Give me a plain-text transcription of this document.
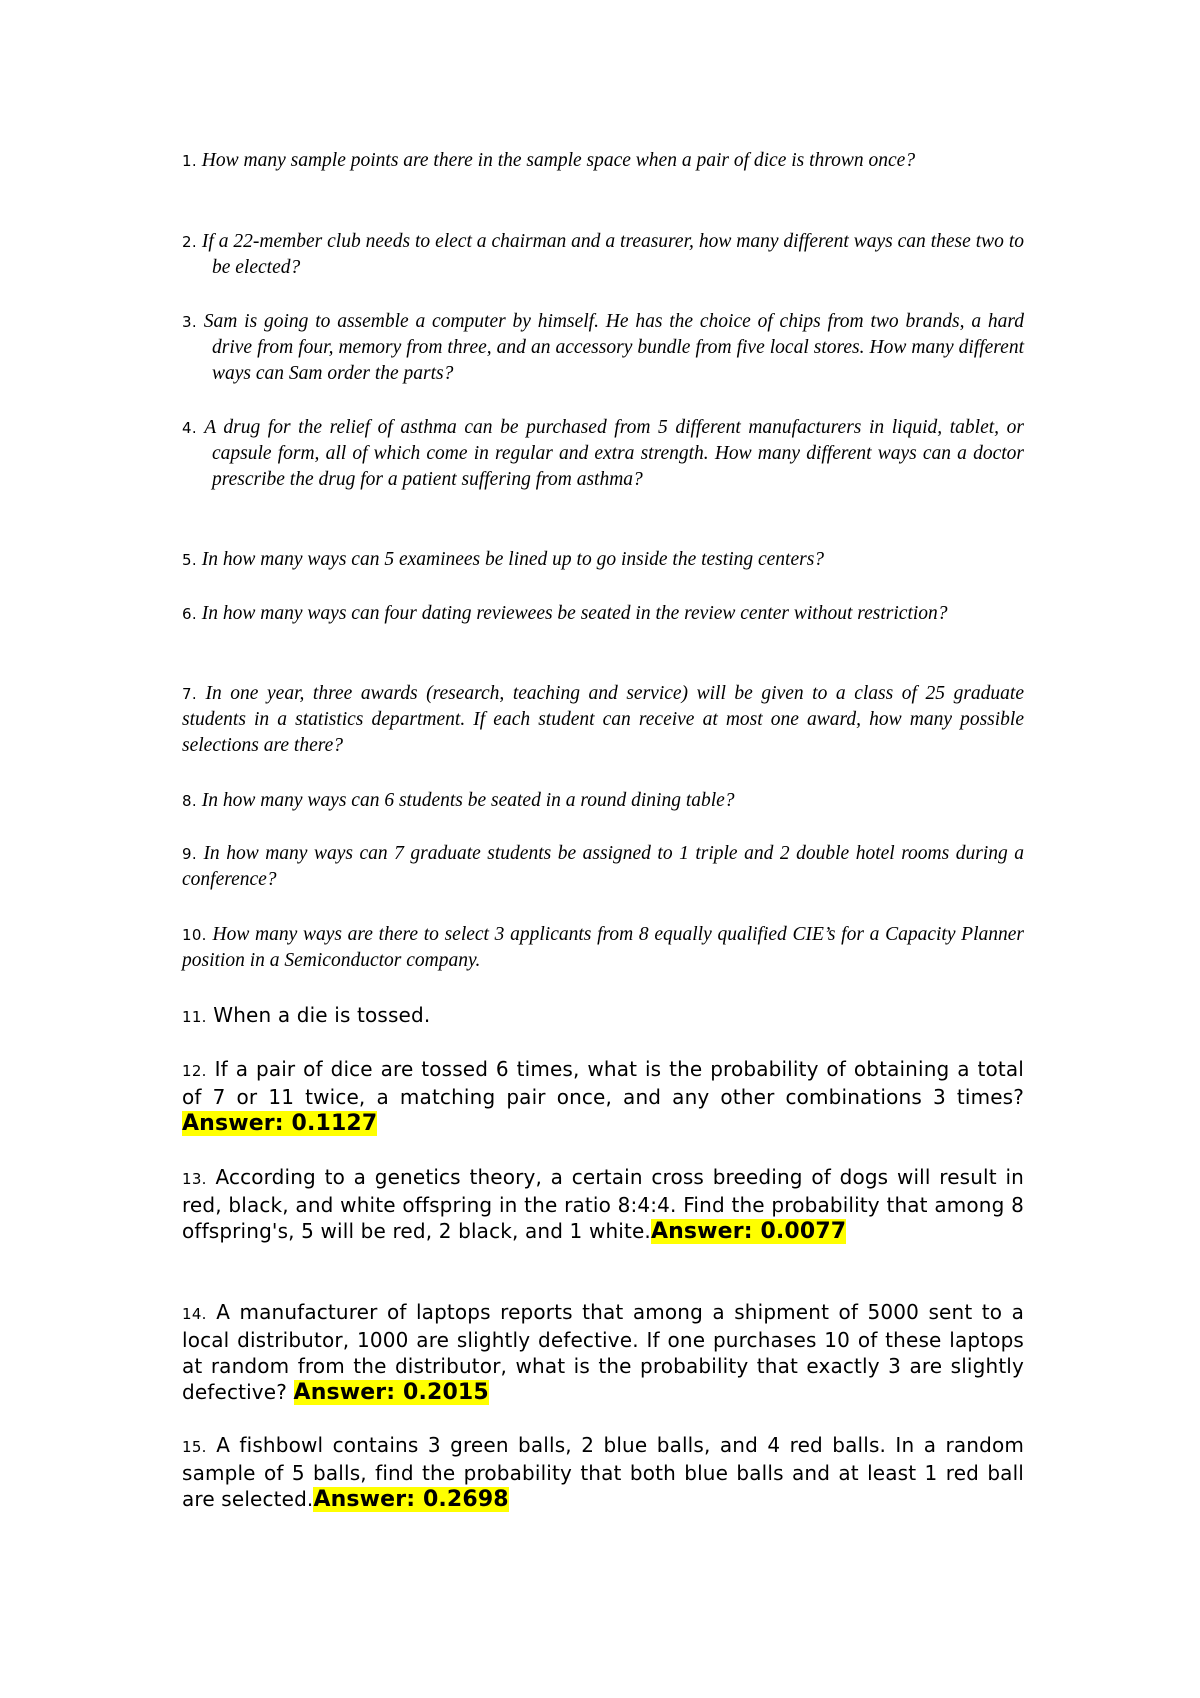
1. How many sample points are there in the sample space when a pair of dice is thrown once?

2. If a 22-member club needs to elect a chairman and a treasurer, how many different ways can these two to be elected?

3. Sam is going to assemble a computer by himself. He has the choice of chips from two brands, a hard drive from four, memory from three, and an accessory bundle from five local stores. How many different ways can Sam order the parts?

4. A drug for the relief of asthma can be purchased from 5 different manufacturers in liquid, tablet, or capsule form, all of which come in regular and extra strength. How many different ways can a doctor prescribe the drug for a patient suffering from asthma?

5. In how many ways can 5 examinees be lined up to go inside the testing centers?

6. In how many ways can four dating reviewees be seated in the review center without restriction?

7. In one year, three awards (research, teaching and service) will be given to a class of 25 graduate students in a statistics department. If each student can receive at most one award, how many possible selections are there?

8. In how many ways can 6 students be seated in a round dining table?

9. In how many ways can 7 graduate students be assigned to 1 triple and 2 double hotel rooms during a conference?

10. How many ways are there to select 3 applicants from 8 equally qualified CIE’s for a Capacity Planner position in a Semiconductor company.

11. When a die is tossed.

12. If a pair of dice are tossed 6 times, what is the probability of obtaining a total of 7 or 11 twice, a matching pair once, and any other combinations 3 times? Answer: 0.1127

13. According to a genetics theory, a certain cross breeding of dogs will result in red, black, and white offspring in the ratio 8:4:4. Find the probability that among 8 offspring's, 5 will be red, 2 black, and 1 white.Answer: 0.0077

14. A manufacturer of laptops reports that among a shipment of 5000 sent to a local distributor, 1000 are slightly defective. If one purchases 10 of these laptops at random from the distributor, what is the probability that exactly 3 are slightly defective? Answer: 0.2015

15. A fishbowl contains 3 green balls, 2 blue balls, and 4 red balls. In a random sample of 5 balls, find the probability that both blue balls and at least 1 red ball are selected.Answer: 0.2698
